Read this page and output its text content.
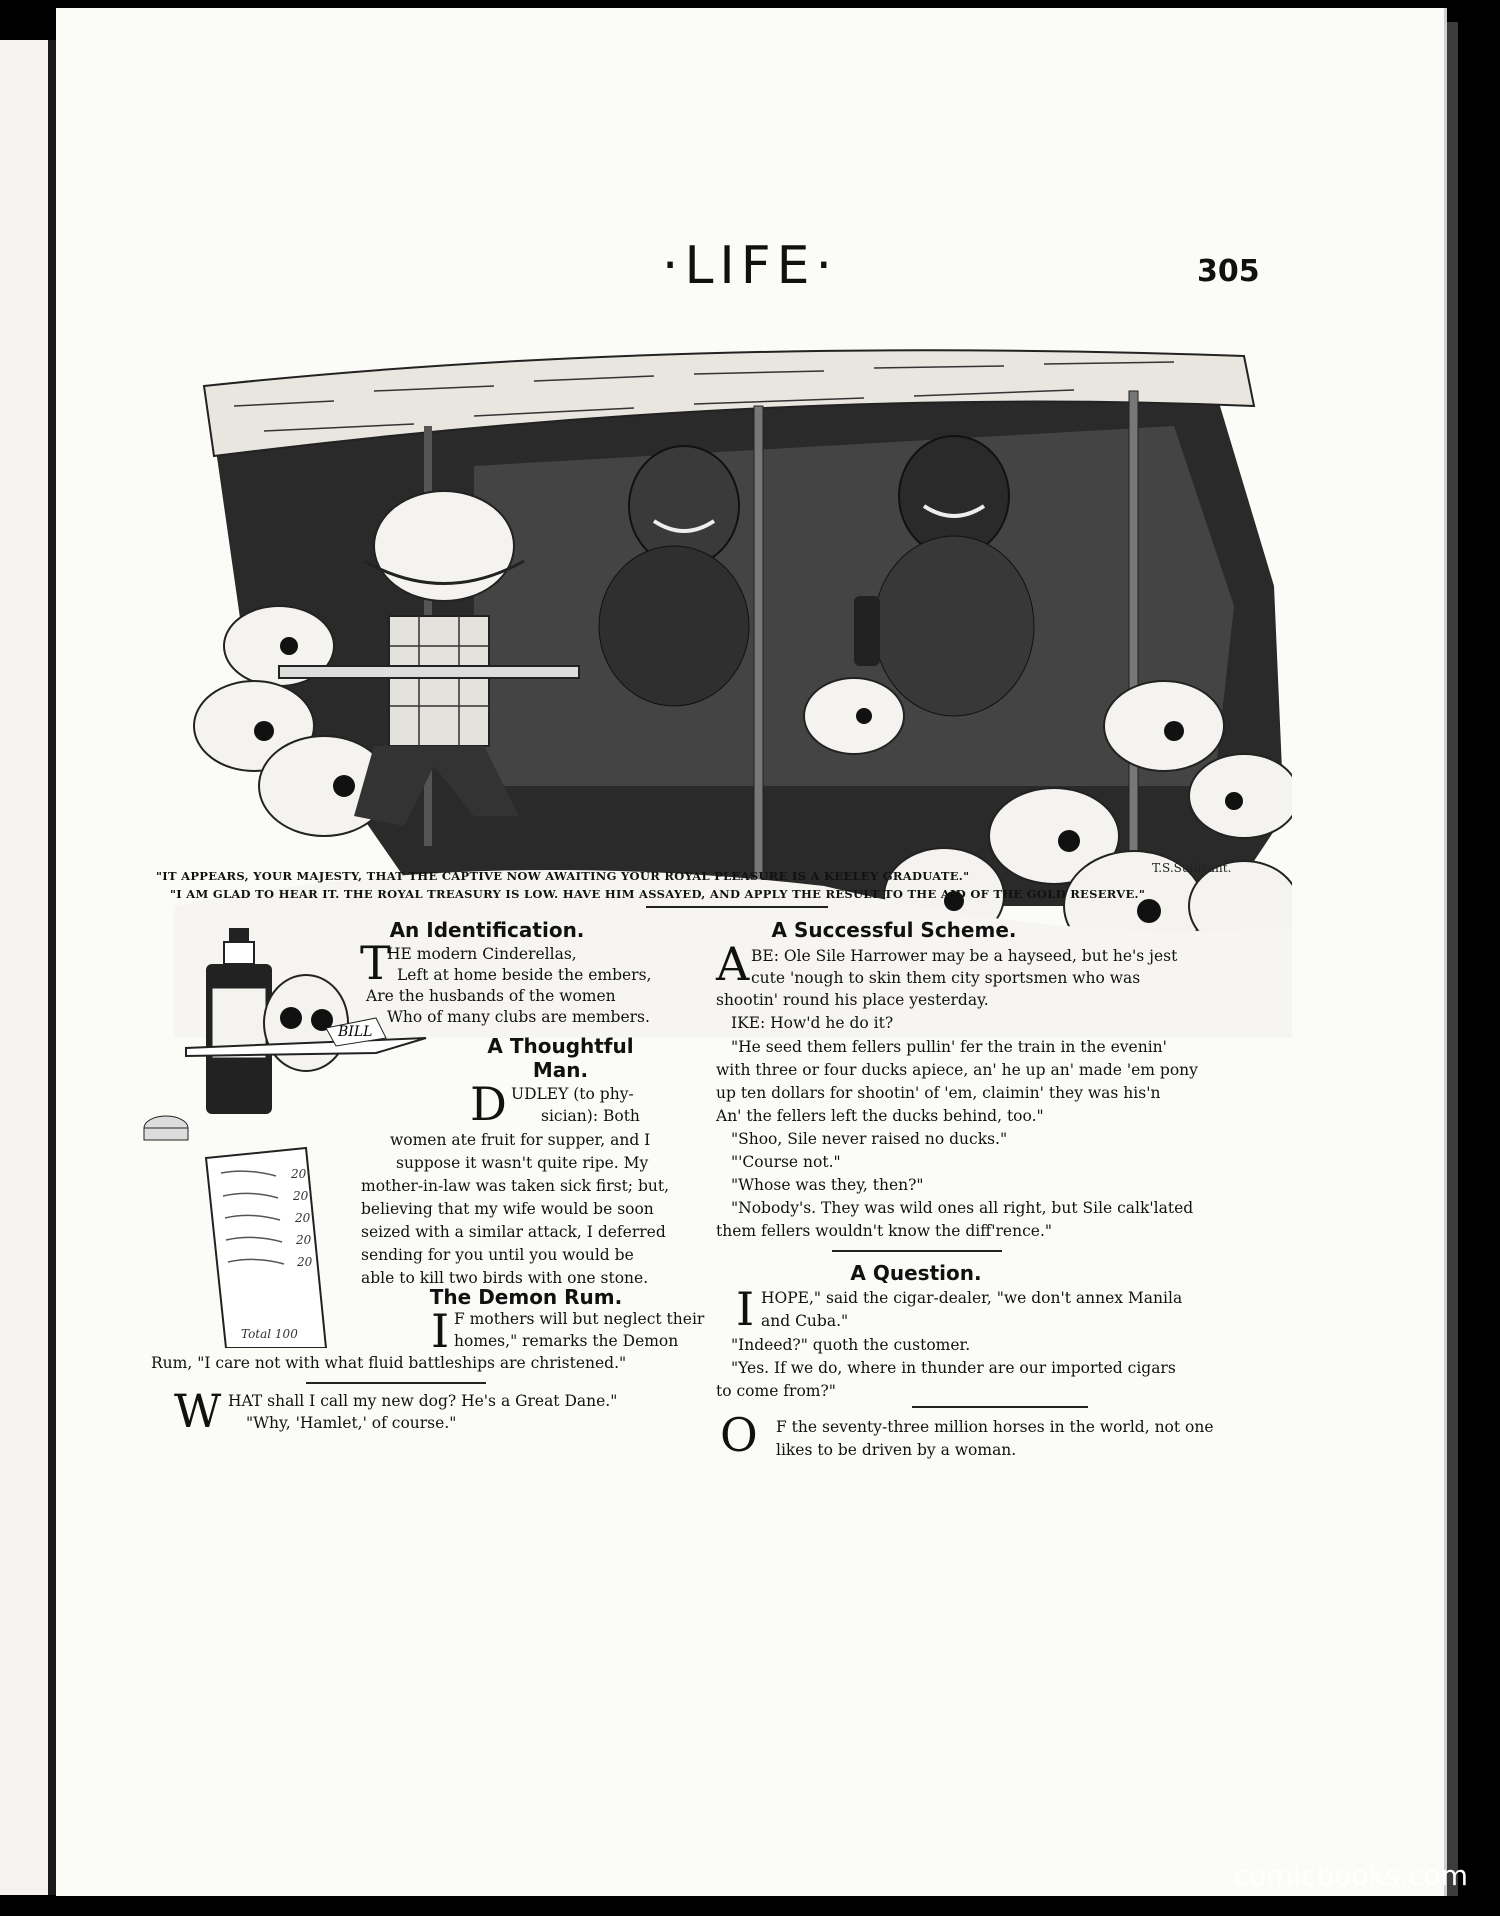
·LIFE·	305
T.S.Sullivant.
"IT APPEARS, YOUR MAJESTY, THAT THE CAPTIVE NOW AWAITING YOUR ROYAL PLEASURE IS A KEELEY GRADUATE."
"I AM GLAD TO HEAR IT. THE ROYAL TREASURY IS LOW. HAVE HIM ASSAYED, AND APPLY THE RESULT TO THE AID OF THE GOLD RESERVE."
BILL
20
20
20
20
20
Total 100
An Identification.
T
HE modern Cinderellas,
Left at home beside the embers,
Are the husbands of the women
Who of many clubs are members.
A Thoughtful
Man.
D UDLEY (to phy-
sician): Both
women ate fruit for supper, and I
suppose it wasn't quite ripe. My
mother-in-law was taken sick first; but,
believing that my wife would be soon
seized with a similar attack, I deferred
sending for you until you would be
able to kill two birds with one stone.
The Demon Rum.
I F mothers will but neglect their
homes," remarks the Demon
Rum, "I care not with what fluid battleships are christened."
W HAT shall I call my new dog? He's a Great Dane."
"Why, 'Hamlet,' of course."
A Successful Scheme.
A BE: Ole Sile Harrower may be a hayseed, but he's jest
cute 'nough to skin them city sportsmen who was
shootin' round his place yesterday.
IKE: How'd he do it?
"He seed them fellers pullin' fer the train in the evenin'
with three or four ducks apiece, an' he up an' made 'em pony
up ten dollars for shootin' of 'em, claimin' they was his'n
An' the fellers left the ducks behind, too."
"Shoo, Sile never raised no ducks."
"'Course not."
"Whose was they, then?"
"Nobody's. They was wild ones all right, but Sile calk'lated
them fellers wouldn't know the diff'rence."
A Question.
I HOPE," said the cigar-dealer, "we don't annex Manila
and Cuba."
"Indeed?" quoth the customer.
"Yes. If we do, where in thunder are our imported cigars
to come from?"
O F the seventy-three million horses in the world, not one
likes to be driven by a woman.
comicbooks.com
